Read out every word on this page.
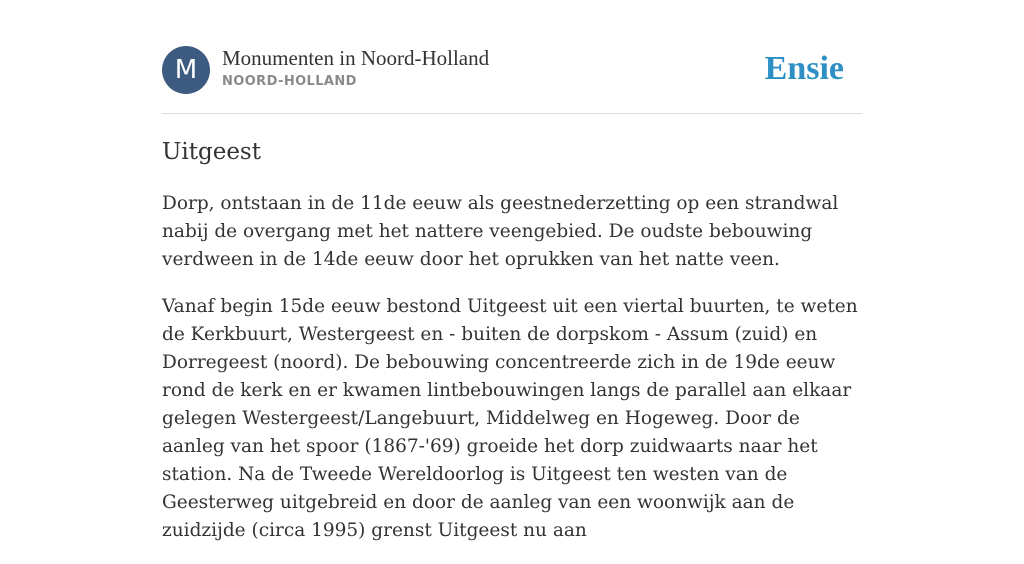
M	Monumenten in Noord-Holland
NOORD-HOLLAND	Ensie
Uitgeest

Dorp, ontstaan in de 11de eeuw als geestnederzetting op een strandwal nabij de overgang met het nattere veengebied. De oudste bebouwing verdween in de 14de eeuw door het oprukken van het natte veen.

Vanaf begin 15de eeuw bestond Uitgeest uit een viertal buurten, te weten de Kerkbuurt, Westergeest en - buiten de dorpskom - Assum (zuid) en Dorregeest (noord). De bebouwing concentreerde zich in de 19de eeuw rond de kerk en er kwamen lintbebouwingen langs de parallel aan elkaar gelegen Westergeest/Langebuurt, Middelweg en Hogeweg. Door de aanleg van het spoor (1867-'69) groeide het dorp zuidwaarts naar het station. Na de Tweede Wereldoorlog is Uitgeest ten westen van de Geesterweg uitgebreid en door de aanleg van een woonwijk aan de zuidzijde (circa 1995) grenst Uitgeest nu aan
